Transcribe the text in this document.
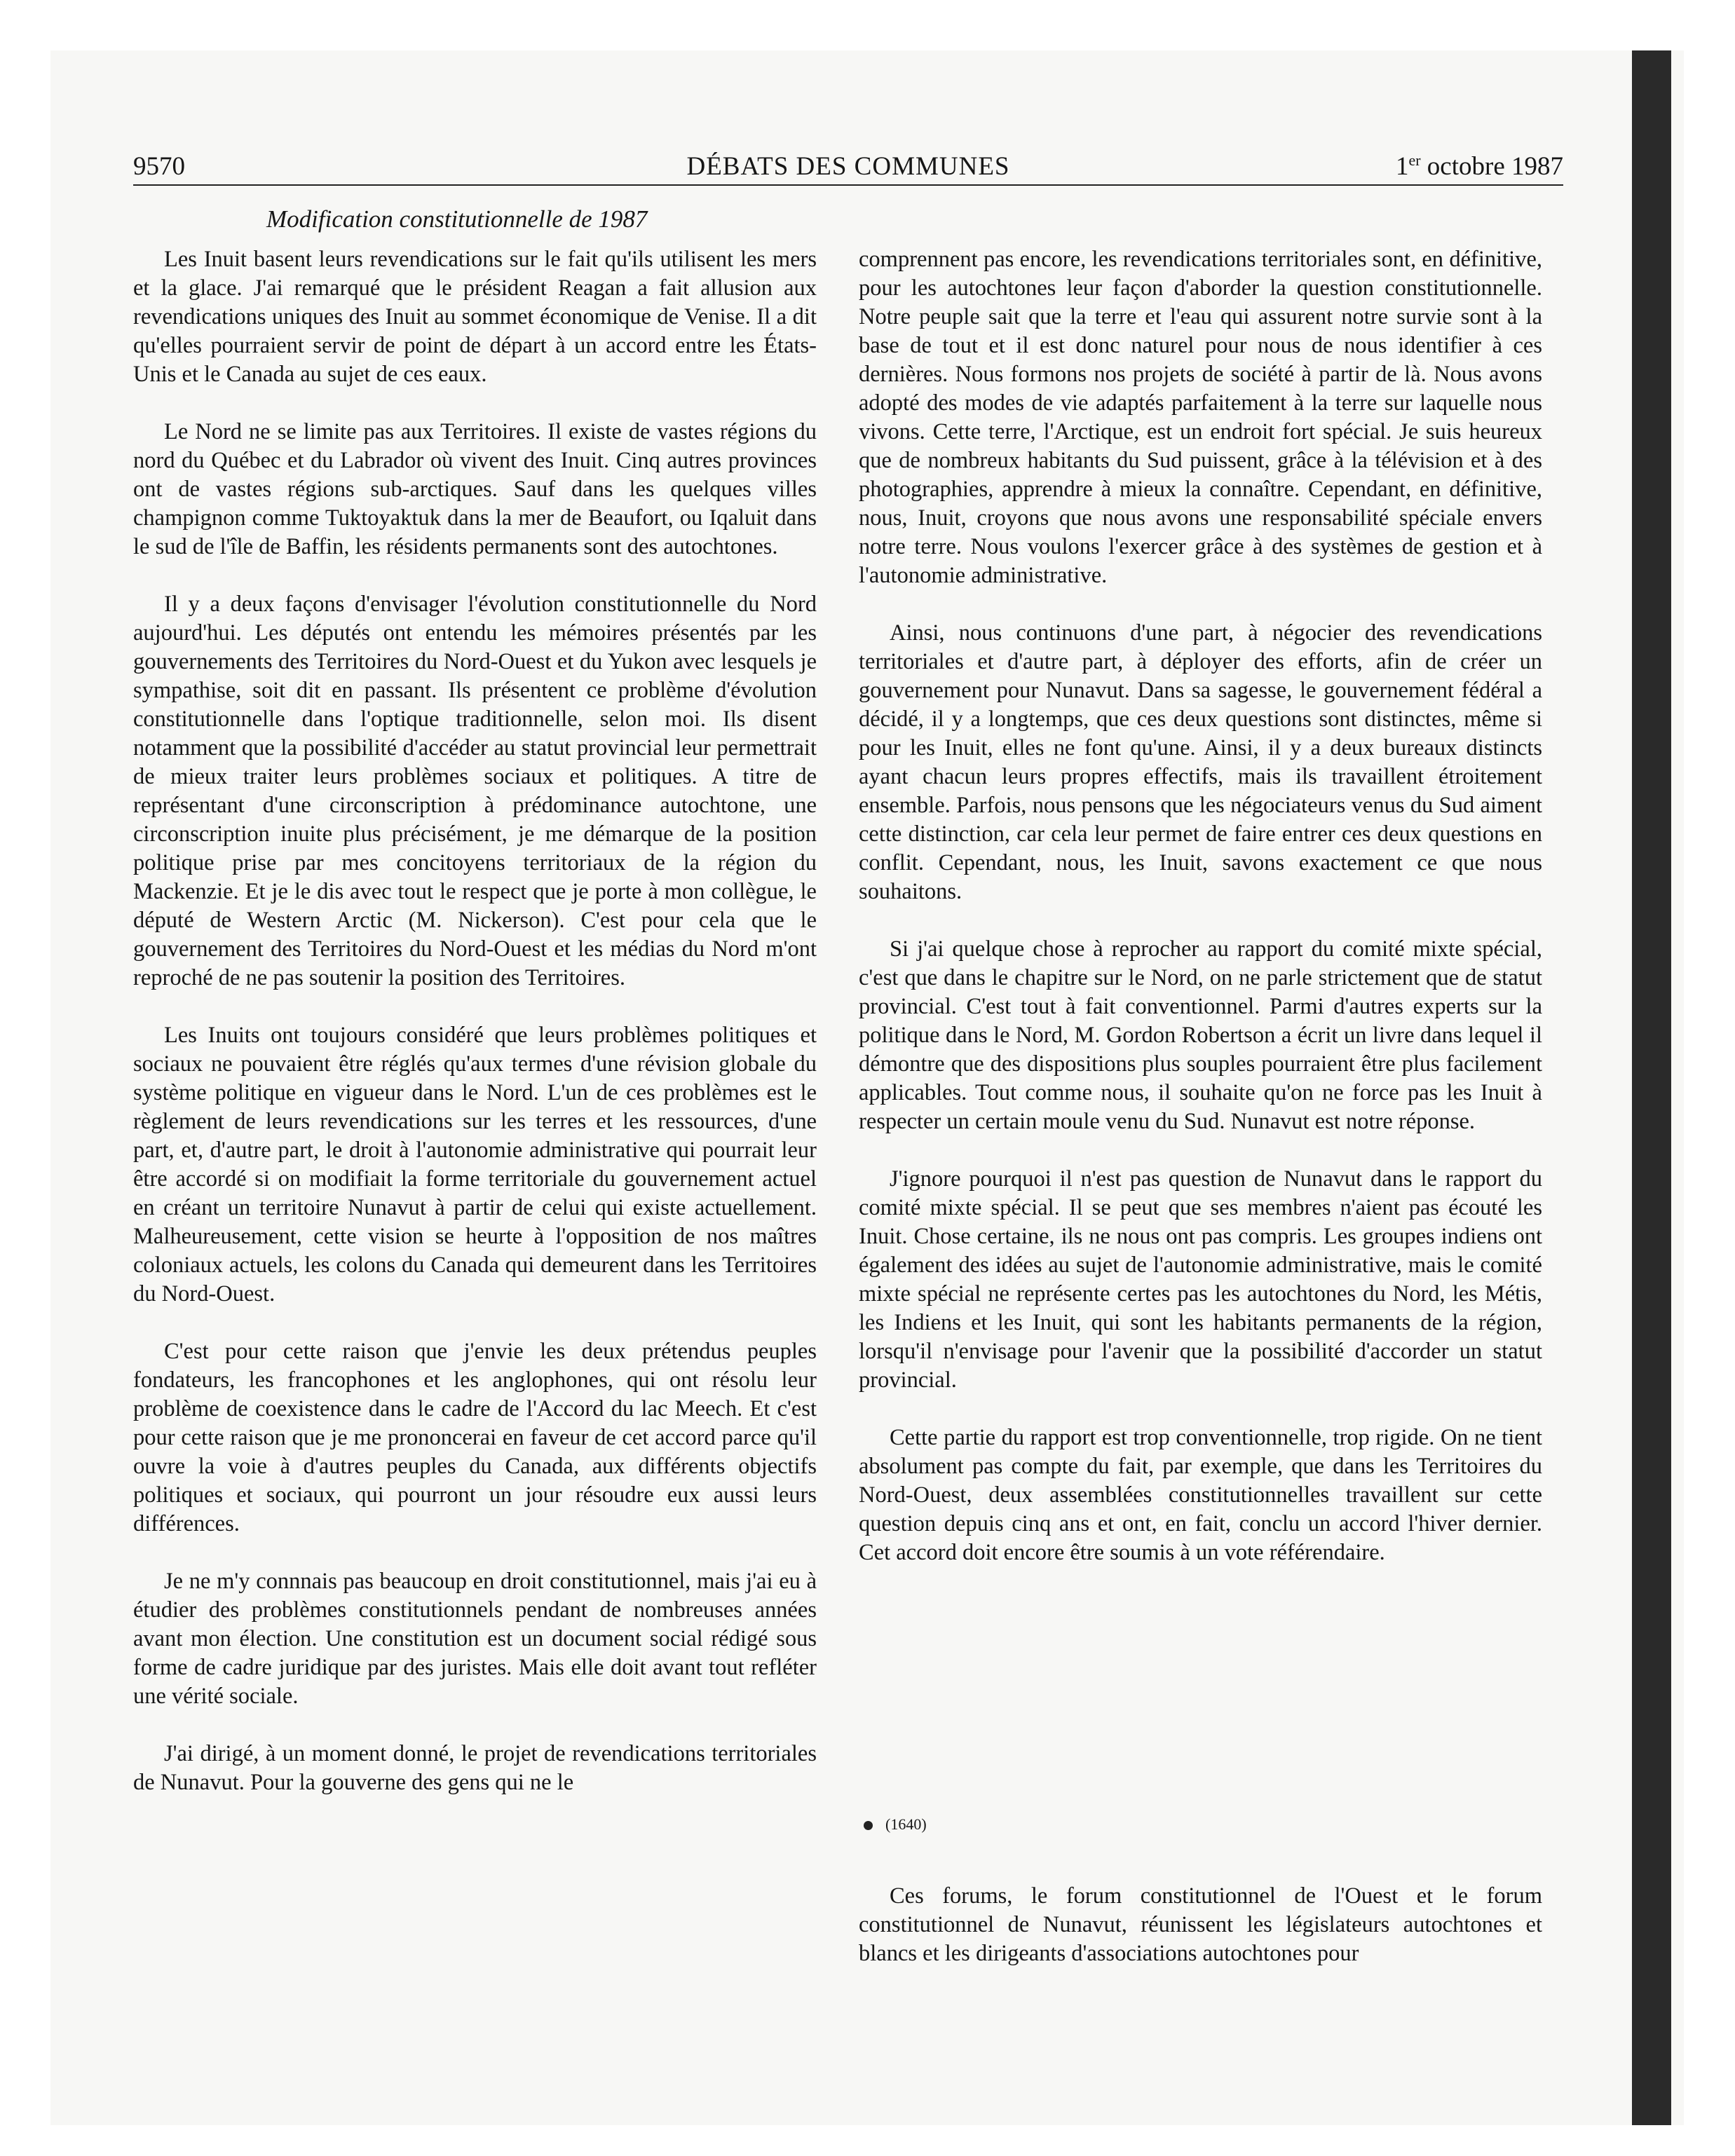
9570	DÉBATS DES COMMUNES	1er octobre 1987
Modification constitutionnelle de 1987

Les Inuit basent leurs revendications sur le fait qu'ils utilisent les mers et la glace. J'ai remarqué que le président Reagan a fait allusion aux revendications uniques des Inuit au sommet économique de Venise. Il a dit qu'elles pourraient servir de point de départ à un accord entre les États-Unis et le Canada au sujet de ces eaux.

Le Nord ne se limite pas aux Territoires. Il existe de vastes régions du nord du Québec et du Labrador où vivent des Inuit. Cinq autres provinces ont de vastes régions sub-arctiques. Sauf dans les quelques villes champignon comme Tuktoyaktuk dans la mer de Beaufort, ou Iqaluit dans le sud de l'île de Baffin, les résidents permanents sont des autochtones.

Il y a deux façons d'envisager l'évolution constitutionnelle du Nord aujourd'hui. Les députés ont entendu les mémoires présentés par les gouvernements des Territoires du Nord-Ouest et du Yukon avec lesquels je sympathise, soit dit en passant. Ils présentent ce problème d'évolution constitutionnelle dans l'optique traditionnelle, selon moi. Ils disent notamment que la possibilité d'accéder au statut provincial leur permettrait de mieux traiter leurs problèmes sociaux et politiques. A titre de représentant d'une circonscription à prédominance autochtone, une circonscription inuite plus précisément, je me démarque de la position politique prise par mes concitoyens territoriaux de la région du Mackenzie. Et je le dis avec tout le respect que je porte à mon collègue, le député de Western Arctic (M. Nickerson). C'est pour cela que le gouvernement des Territoires du Nord-Ouest et les médias du Nord m'ont reproché de ne pas soutenir la position des Territoires.

Les Inuits ont toujours considéré que leurs problèmes politiques et sociaux ne pouvaient être réglés qu'aux termes d'une révision globale du système politique en vigueur dans le Nord. L'un de ces problèmes est le règlement de leurs revendications sur les terres et les ressources, d'une part, et, d'autre part, le droit à l'autonomie administrative qui pourrait leur être accordé si on modifiait la forme territoriale du gouvernement actuel en créant un territoire Nunavut à partir de celui qui existe actuellement. Malheureusement, cette vision se heurte à l'opposition de nos maîtres coloniaux actuels, les colons du Canada qui demeurent dans les Territoires du Nord-Ouest.

C'est pour cette raison que j'envie les deux prétendus peuples fondateurs, les francophones et les anglophones, qui ont résolu leur problème de coexistence dans le cadre de l'Accord du lac Meech. Et c'est pour cette raison que je me prononcerai en faveur de cet accord parce qu'il ouvre la voie à d'autres peuples du Canada, aux différents objectifs politiques et sociaux, qui pourront un jour résoudre eux aussi leurs différences.

Je ne m'y connnais pas beaucoup en droit constitutionnel, mais j'ai eu à étudier des problèmes constitutionnels pendant de nombreuses années avant mon élection. Une constitution est un document social rédigé sous forme de cadre juridique par des juristes. Mais elle doit avant tout refléter une vérité sociale.

J'ai dirigé, à un moment donné, le projet de revendications territoriales de Nunavut. Pour la gouverne des gens qui ne le

comprennent pas encore, les revendications territoriales sont, en définitive, pour les autochtones leur façon d'aborder la question constitutionnelle. Notre peuple sait que la terre et l'eau qui assurent notre survie sont à la base de tout et il est donc naturel pour nous de nous identifier à ces dernières. Nous formons nos projets de société à partir de là. Nous avons adopté des modes de vie adaptés parfaitement à la terre sur laquelle nous vivons. Cette terre, l'Arctique, est un endroit fort spécial. Je suis heureux que de nombreux habitants du Sud puissent, grâce à la télévision et à des photographies, apprendre à mieux la connaître. Cependant, en définitive, nous, Inuit, croyons que nous avons une responsabilité spéciale envers notre terre. Nous voulons l'exercer grâce à des systèmes de gestion et à l'autonomie administrative.

Ainsi, nous continuons d'une part, à négocier des revendications territoriales et d'autre part, à déployer des efforts, afin de créer un gouvernement pour Nunavut. Dans sa sagesse, le gouvernement fédéral a décidé, il y a longtemps, que ces deux questions sont distinctes, même si pour les Inuit, elles ne font qu'une. Ainsi, il y a deux bureaux distincts ayant chacun leurs propres effectifs, mais ils travaillent étroitement ensemble. Parfois, nous pensons que les négociateurs venus du Sud aiment cette distinction, car cela leur permet de faire entrer ces deux questions en conflit. Cependant, nous, les Inuit, savons exactement ce que nous souhaitons.

Si j'ai quelque chose à reprocher au rapport du comité mixte spécial, c'est que dans le chapitre sur le Nord, on ne parle strictement que de statut provincial. C'est tout à fait conventionnel. Parmi d'autres experts sur la politique dans le Nord, M. Gordon Robertson a écrit un livre dans lequel il démontre que des dispositions plus souples pourraient être plus facilement applicables. Tout comme nous, il souhaite qu'on ne force pas les Inuit à respecter un certain moule venu du Sud. Nunavut est notre réponse.

J'ignore pourquoi il n'est pas question de Nunavut dans le rapport du comité mixte spécial. Il se peut que ses membres n'aient pas écouté les Inuit. Chose certaine, ils ne nous ont pas compris. Les groupes indiens ont également des idées au sujet de l'autonomie administrative, mais le comité mixte spécial ne représente certes pas les autochtones du Nord, les Métis, les Indiens et les Inuit, qui sont les habitants permanents de la région, lorsqu'il n'envisage pour l'avenir que la possibilité d'accorder un statut provincial.

Cette partie du rapport est trop conventionnelle, trop rigide. On ne tient absolument pas compte du fait, par exemple, que dans les Territoires du Nord-Ouest, deux assemblées constitutionnelles travaillent sur cette question depuis cinq ans et ont, en fait, conclu un accord l'hiver dernier. Cet accord doit encore être soumis à un vote référendaire.

(1640)

Ces forums, le forum constitutionnel de l'Ouest et le forum constitutionnel de Nunavut, réunissent les législateurs autochtones et blancs et les dirigeants d'associations autochtones pour
